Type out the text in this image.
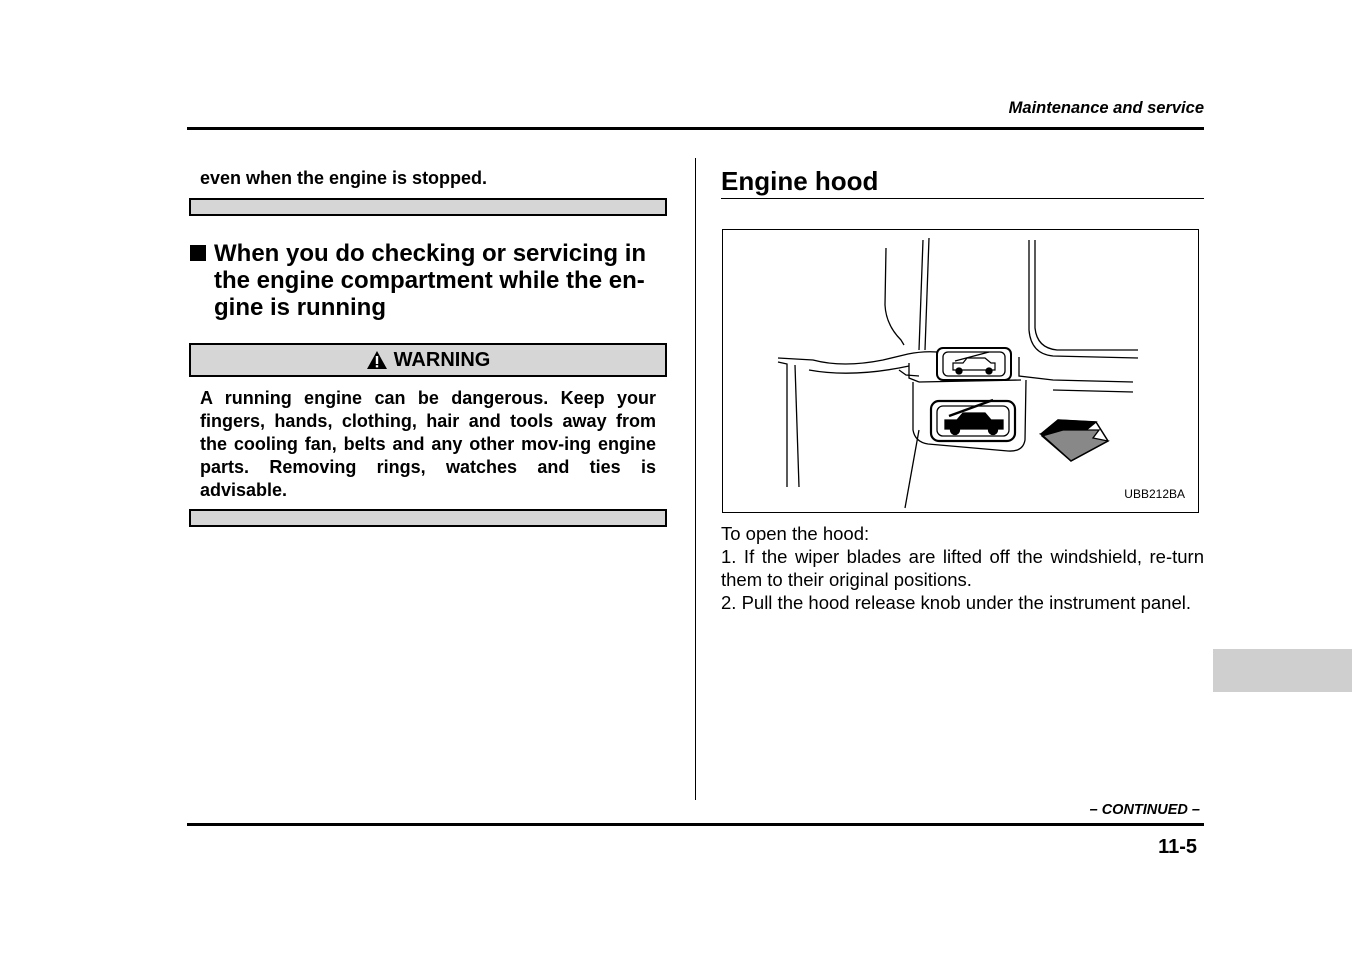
Maintenance and service
even when the engine is stopped.
When you do checking or servicing in the engine compartment while the en-gine is running
WARNING
A running engine can be dangerous. Keep your fingers, hands, clothing, hair and tools away from the cooling fan, belts and any other mov-ing engine parts. Removing rings, watches and ties is advisable.
Engine hood
UBB212BA

To open the hood:

1. If the wiper blades are lifted off the windshield, re-turn them to their original positions.

2. Pull the hood release knob under the instrument panel.

– CONTINUED –
11-5
